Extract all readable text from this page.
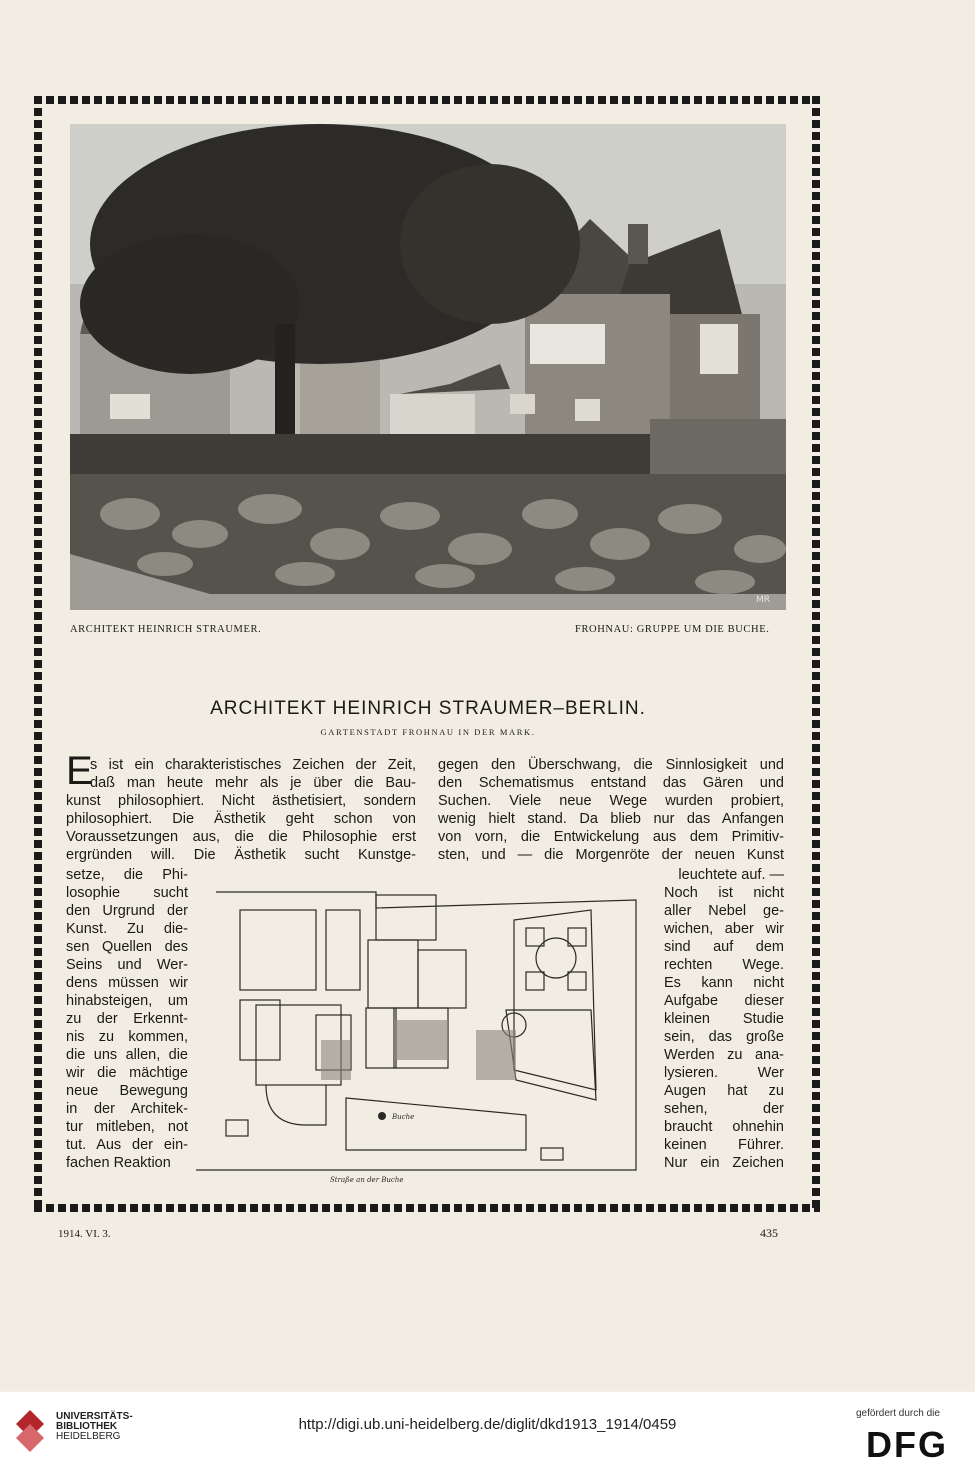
MR
ARCHITEKT HEINRICH STRAUMER.	FROHNAU: GRUPPE UM DIE BUCHE.
ARCHITEKT HEINRICH STRAUMER–BERLIN.
GARTENSTADT FROHNAU IN DER MARK.
E
s ist ein charakteristisches Zeichen der Zeit,
daß man heute mehr als je über die Bau-
kunst philosophiert. Nicht ästhetisiert, sondern
philosophiert. Die Ästhetik geht schon von
Voraussetzungen aus, die die Philosophie erst
ergründen will. Die Ästhetik sucht Kunstge-
gegen den Überschwang, die Sinnlosigkeit und
den Schematismus entstand das Gären und
Suchen. Viele neue Wege wurden probiert,
wenig hielt stand. Da blieb nur das Anfangen
von vorn, die Entwickelung aus dem Primitiv-
sten, und — die Morgenröte der neuen Kunst
setze, die Phi-
losophie sucht
den Urgrund der
Kunst. Zu die-
sen Quellen des
Seins und Wer-
dens müssen wir
hinabsteigen, um
zu der Erkennt-
nis zu kommen,
die uns allen, die
wir die mächtige
neue Bewegung
in der Architek-
tur mitleben, not
tut. Aus der ein-
fachen Reaktion
leuchtete auf. —
Noch ist nicht
aller Nebel ge-
wichen, aber wir
sind auf dem
rechten Wege.
Es kann nicht
Aufgabe dieser
kleinen Studie
sein, das große
Werden zu ana-
lysieren. Wer
Augen hat zu
sehen, der
braucht ohnehin
keinen Führer.
Nur ein Zeichen
Buche
Straße an der Buche
1914. VI. 3.	435
UNIVERSITÄTS-
BIBLIOTHEK
HEIDELBERG
http://digi.ub.uni-heidelberg.de/diglit/dkd1913_1914/0459
gefördert durch die
DFG
